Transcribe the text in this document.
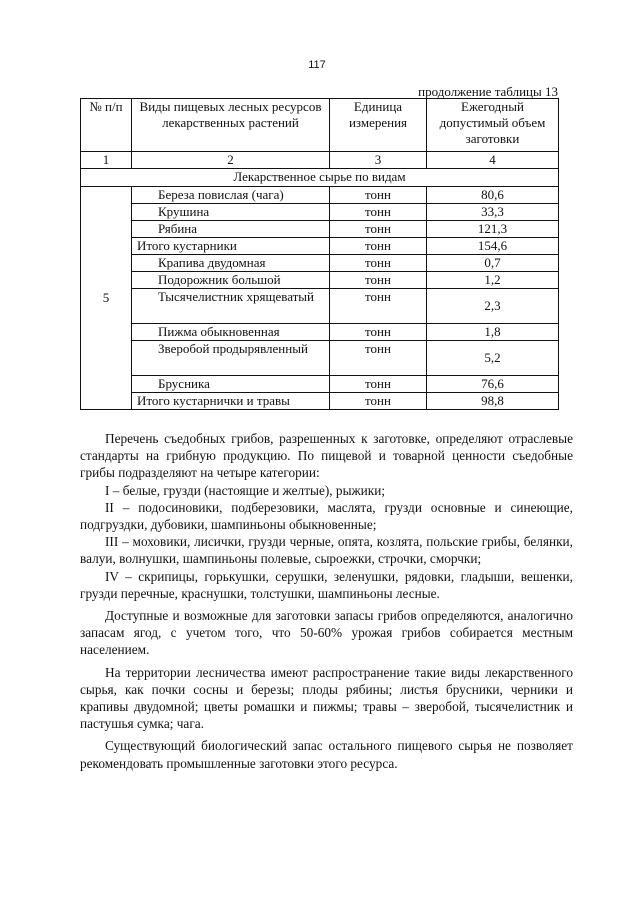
117
продолжение таблицы 13
№ п/п	Виды пищевых лесных ресурсов лекарственных растений	Единица измерения	Ежегодный допустимый объем заготовки
1	2	3	4
Лекарственное сырье по видам			
5	Береза повислая (чага)	тонн	80,6
	Крушина	тонн	33,3
	Рябина	тонн	121,3
	Итого кустарники	тонн	154,6
	Крапива двудомная	тонн	0,7
	Подорожник большой	тонн	1,2
	Тысячелистник хрящеватый	тонн	2,3
	Пижма обыкновенная	тонн	1,8
	Зверобой продырявленный	тонн	5,2
	Брусника	тонн	76,6
	Итого кустарнички и травы	тонн	98,8

Перечень съедобных грибов, разрешенных к заготовке, определяют отраслевые стандарты на грибную продукцию. По пищевой и товарной ценности съедобные грибы подразделяют на четыре категории:

I – белые, грузди (настоящие и желтые), рыжики;

II – подосиновики, подберезовики, маслята, грузди основные и синеющие, подгруздки, дубовики, шампиньоны обыкновенные;

III – моховики, лисички, грузди черные, опята, козлята, польские грибы, белянки, валуи, волнушки, шампиньоны полевые, сыроежки, строчки, сморчки;

IV – скрипицы, горькушки, серушки, зеленушки, рядовки, гладыши, вешенки, грузди перечные, краснушки, толстушки, шампиньоны лесные.

Доступные и возможные для заготовки запасы грибов определяются, аналогично запасам ягод, с учетом того, что 50-60% урожая грибов собирается местным населением.

На территории лесничества имеют распространение такие виды лекарственного сырья, как почки сосны и березы; плоды рябины; листья брусники, черники и крапивы двудомной; цветы ромашки и пижмы; травы – зверобой, тысячелистник и пастушья сумка; чага.

Существующий биологический запас остального пищевого сырья не позволяет рекомендовать промышленные заготовки этого ресурса.
